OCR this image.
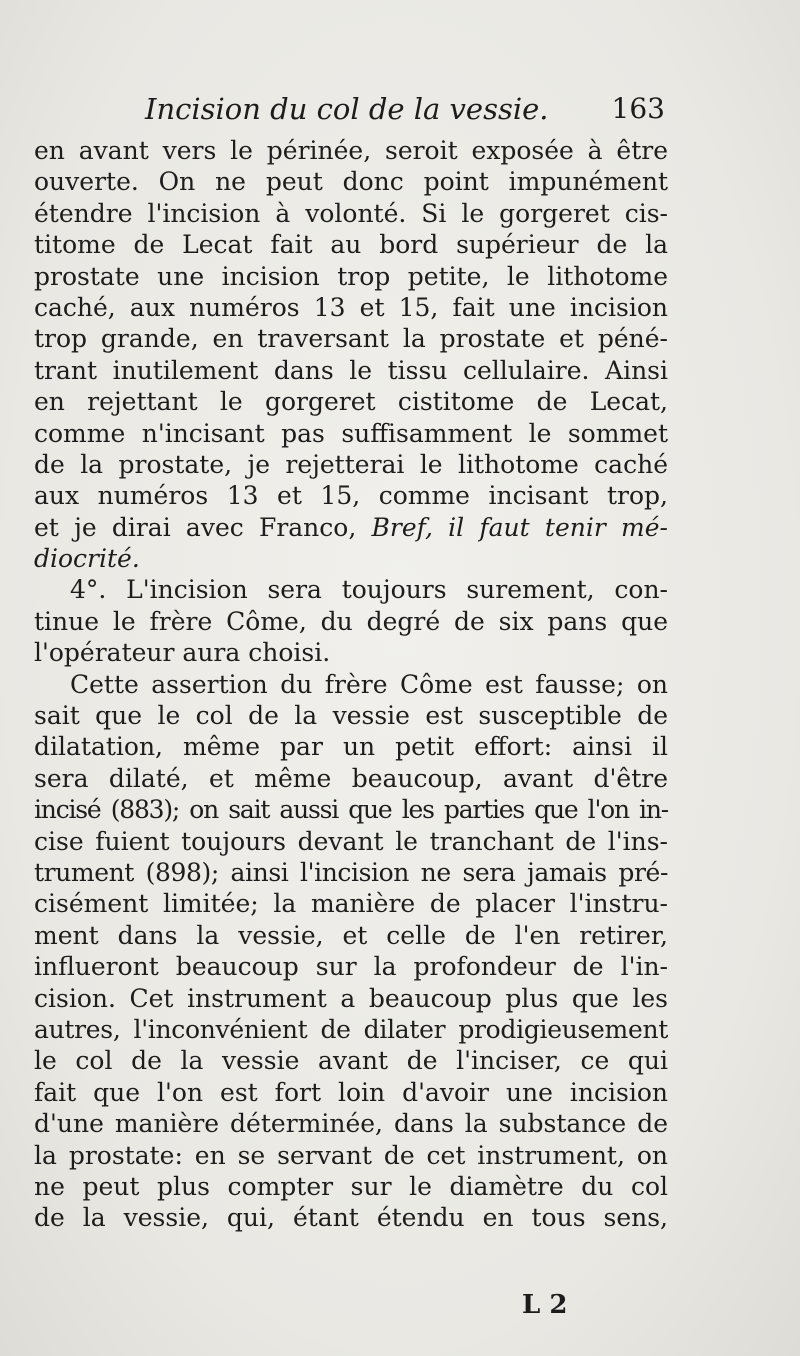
Incision du col de la vessie. 163
en avant vers le périnée, seroit exposée à être
ouverte. On ne peut donc point impunément
étendre l'incision à volonté. Si le gorgeret cis-
titome de Lecat fait au bord supérieur de la
prostate une incision trop petite, le lithotome
caché, aux numéros 13 et 15, fait une incision
trop grande, en traversant la prostate et péné-
trant inutilement dans le tissu cellulaire. Ainsi
en rejettant le gorgeret cistitome de Lecat,
comme n'incisant pas suffisamment le sommet
de la prostate, je rejetterai le lithotome caché
aux numéros 13 et 15, comme incisant trop,
et je dirai avec Franco, Bref, il faut tenir mé-
diocrité.
4°. L'incision sera toujours surement, con-
tinue le frère Côme, du degré de six pans que
l'opérateur aura choisi.
Cette assertion du frère Côme est fausse; on
sait que le col de la vessie est susceptible de
dilatation, même par un petit effort: ainsi il
sera dilaté, et même beaucoup, avant d'être
incisé (883); on sait aussi que les parties que l'on in-
cise fuient toujours devant le tranchant de l'ins-
trument (898); ainsi l'incision ne sera jamais pré-
cisément limitée; la manière de placer l'instru-
ment dans la vessie, et celle de l'en retirer,
influeront beaucoup sur la profondeur de l'in-
cision. Cet instrument a beaucoup plus que les
autres, l'inconvénient de dilater prodigieusement
le col de la vessie avant de l'inciser, ce qui
fait que l'on est fort loin d'avoir une incision
d'une manière déterminée, dans la substance de
la prostate: en se servant de cet instrument, on
ne peut plus compter sur le diamètre du col
de la vessie, qui, étant étendu en tous sens,
L 2
